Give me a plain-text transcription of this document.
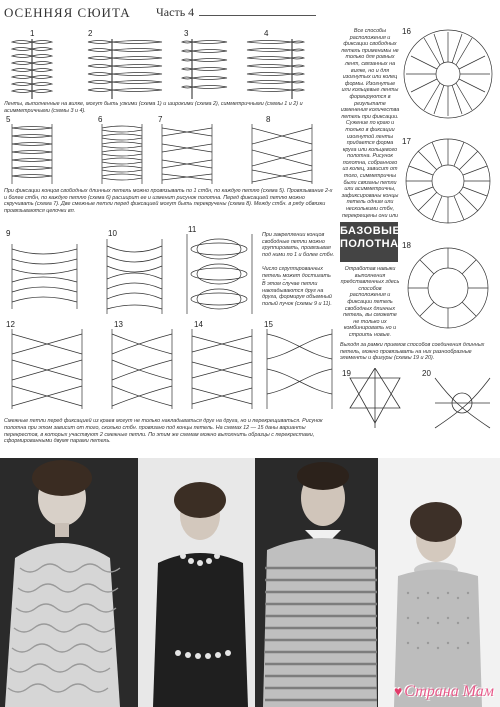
ОСЕННЯЯ СЮИТА Часть 4
1	2	3	4
5	6	7	8
9	10	11
12	13	14	15
Ленты, выполненные на вилке, могут быть узкими (схема 1) и широкими (схема 2), симметричными (схемы 1 и 2) и асимметричными (схемы 3 и 4).
При фиксации концов свободных длинных петель можно провязывать по 1 стбн, по каждую петлю (схема 5). Провязывание 2-х и более стбн, по каждую петлю (схема 6) расширит ее и изменит рисунок полотна. Перед фиксацией петлю можно скручивать (схема 7). Две смежные петли перед фиксацией могут быть перекручены (схема 8). Между стбн. в ряду обвязки провязываются цепочки вп.
При закреплении концов свободные петли можно группировать, провязывая под ними по 1 и более стбн.
Число сгруппированных петель может достигать
В этом случае петли накладываются друг на друга, формируя объемный полый пучок (схемы 9 и 11).
Смежные петли перед фиксацией из краев могут не только накладываться друг на друга, но и перекрещиваться. Рисунок полотна при этом зависит от того, сколько стбн. провязано под концы петель. На схемах 12 — 15 даны варианты перекрестов, в которых участвуют 2 смежные петли. По этим же схемам можно выполнить образцы с перекрестами, сформированными двумя парами петель.
Все способы расположения и фиксации свободных петель применимы не только для ровных лент, связанных на вилке, но и для изогнутых или колец формы. Изогнутые или кольцевые ленты формируются в результате изменения количества петель при фиксации. Сужение по краю и только в фиксации изогнутой ленты придается форма круга или кольцевого полотна. Рисунок полотна, собранного из колец, зависит от того, симметричны были связаны петли или асимметричны, зафиксированы концы петель одним или несколькими стбн, перекрещены они или
БАЗОВЫЕ
ПОЛОТНА
Отработав навыки выполнения представленных здесь способов расположения и фиксации петель свободных длинных петель, вы сможете не только их комбинировать но и строить новые.
Выходя за рамки приемов способов соединения длинных петель, можно провязывать на них разнообразные элементы и фигуры (схемы 19 и 20).
16
17
18
19	20
♥ Страна Мам
